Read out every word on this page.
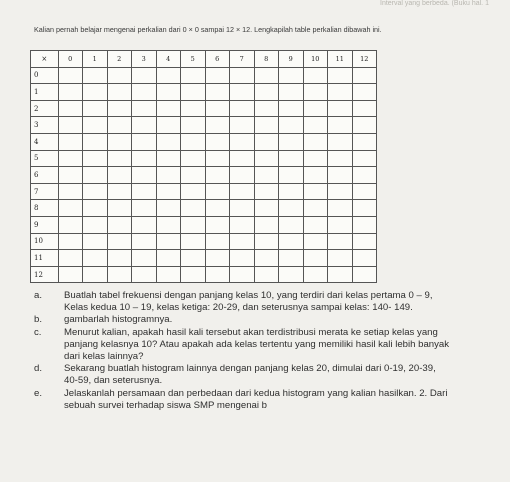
Interval yang berbeda. (Buku hal. 1
Kalian pernah belajar mengenai perkalian dari 0 × 0 sampai 12 × 12. Lengkapilah table perkalian dibawah ini.
×	0	1	2	3	4	5	6	7	8	9	10	11	12
0													
1													
2													
3													
4													
5													
6													
7													
8													
9													
10													
11													
12													

a. Buatlah tabel frekuensi dengan panjang kelas 10, yang terdiri dari kelas pertama 0 – 9,
Kelas kedua 10 – 19, kelas ketiga: 20-29, dan seterusnya sampai kelas: 140- 149.

b. gambarlah histogramnya.

c. Menurut kalian, apakah hasil kali tersebut akan terdistribusi merata ke setiap kelas yang
panjang kelasnya 10? Atau apakah ada kelas tertentu yang memiliki hasil kali lebih banyak
dari kelas lainnya?

d. Sekarang buatlah histogram lainnya dengan panjang kelas 20, dimulai dari 0-19, 20-39,
40-59, dan seterusnya.

e. Jelaskanlah persamaan dan perbedaan dari kedua histogram yang kalian hasilkan. 2. Dari
sebuah survei terhadap siswa SMP mengenai b
